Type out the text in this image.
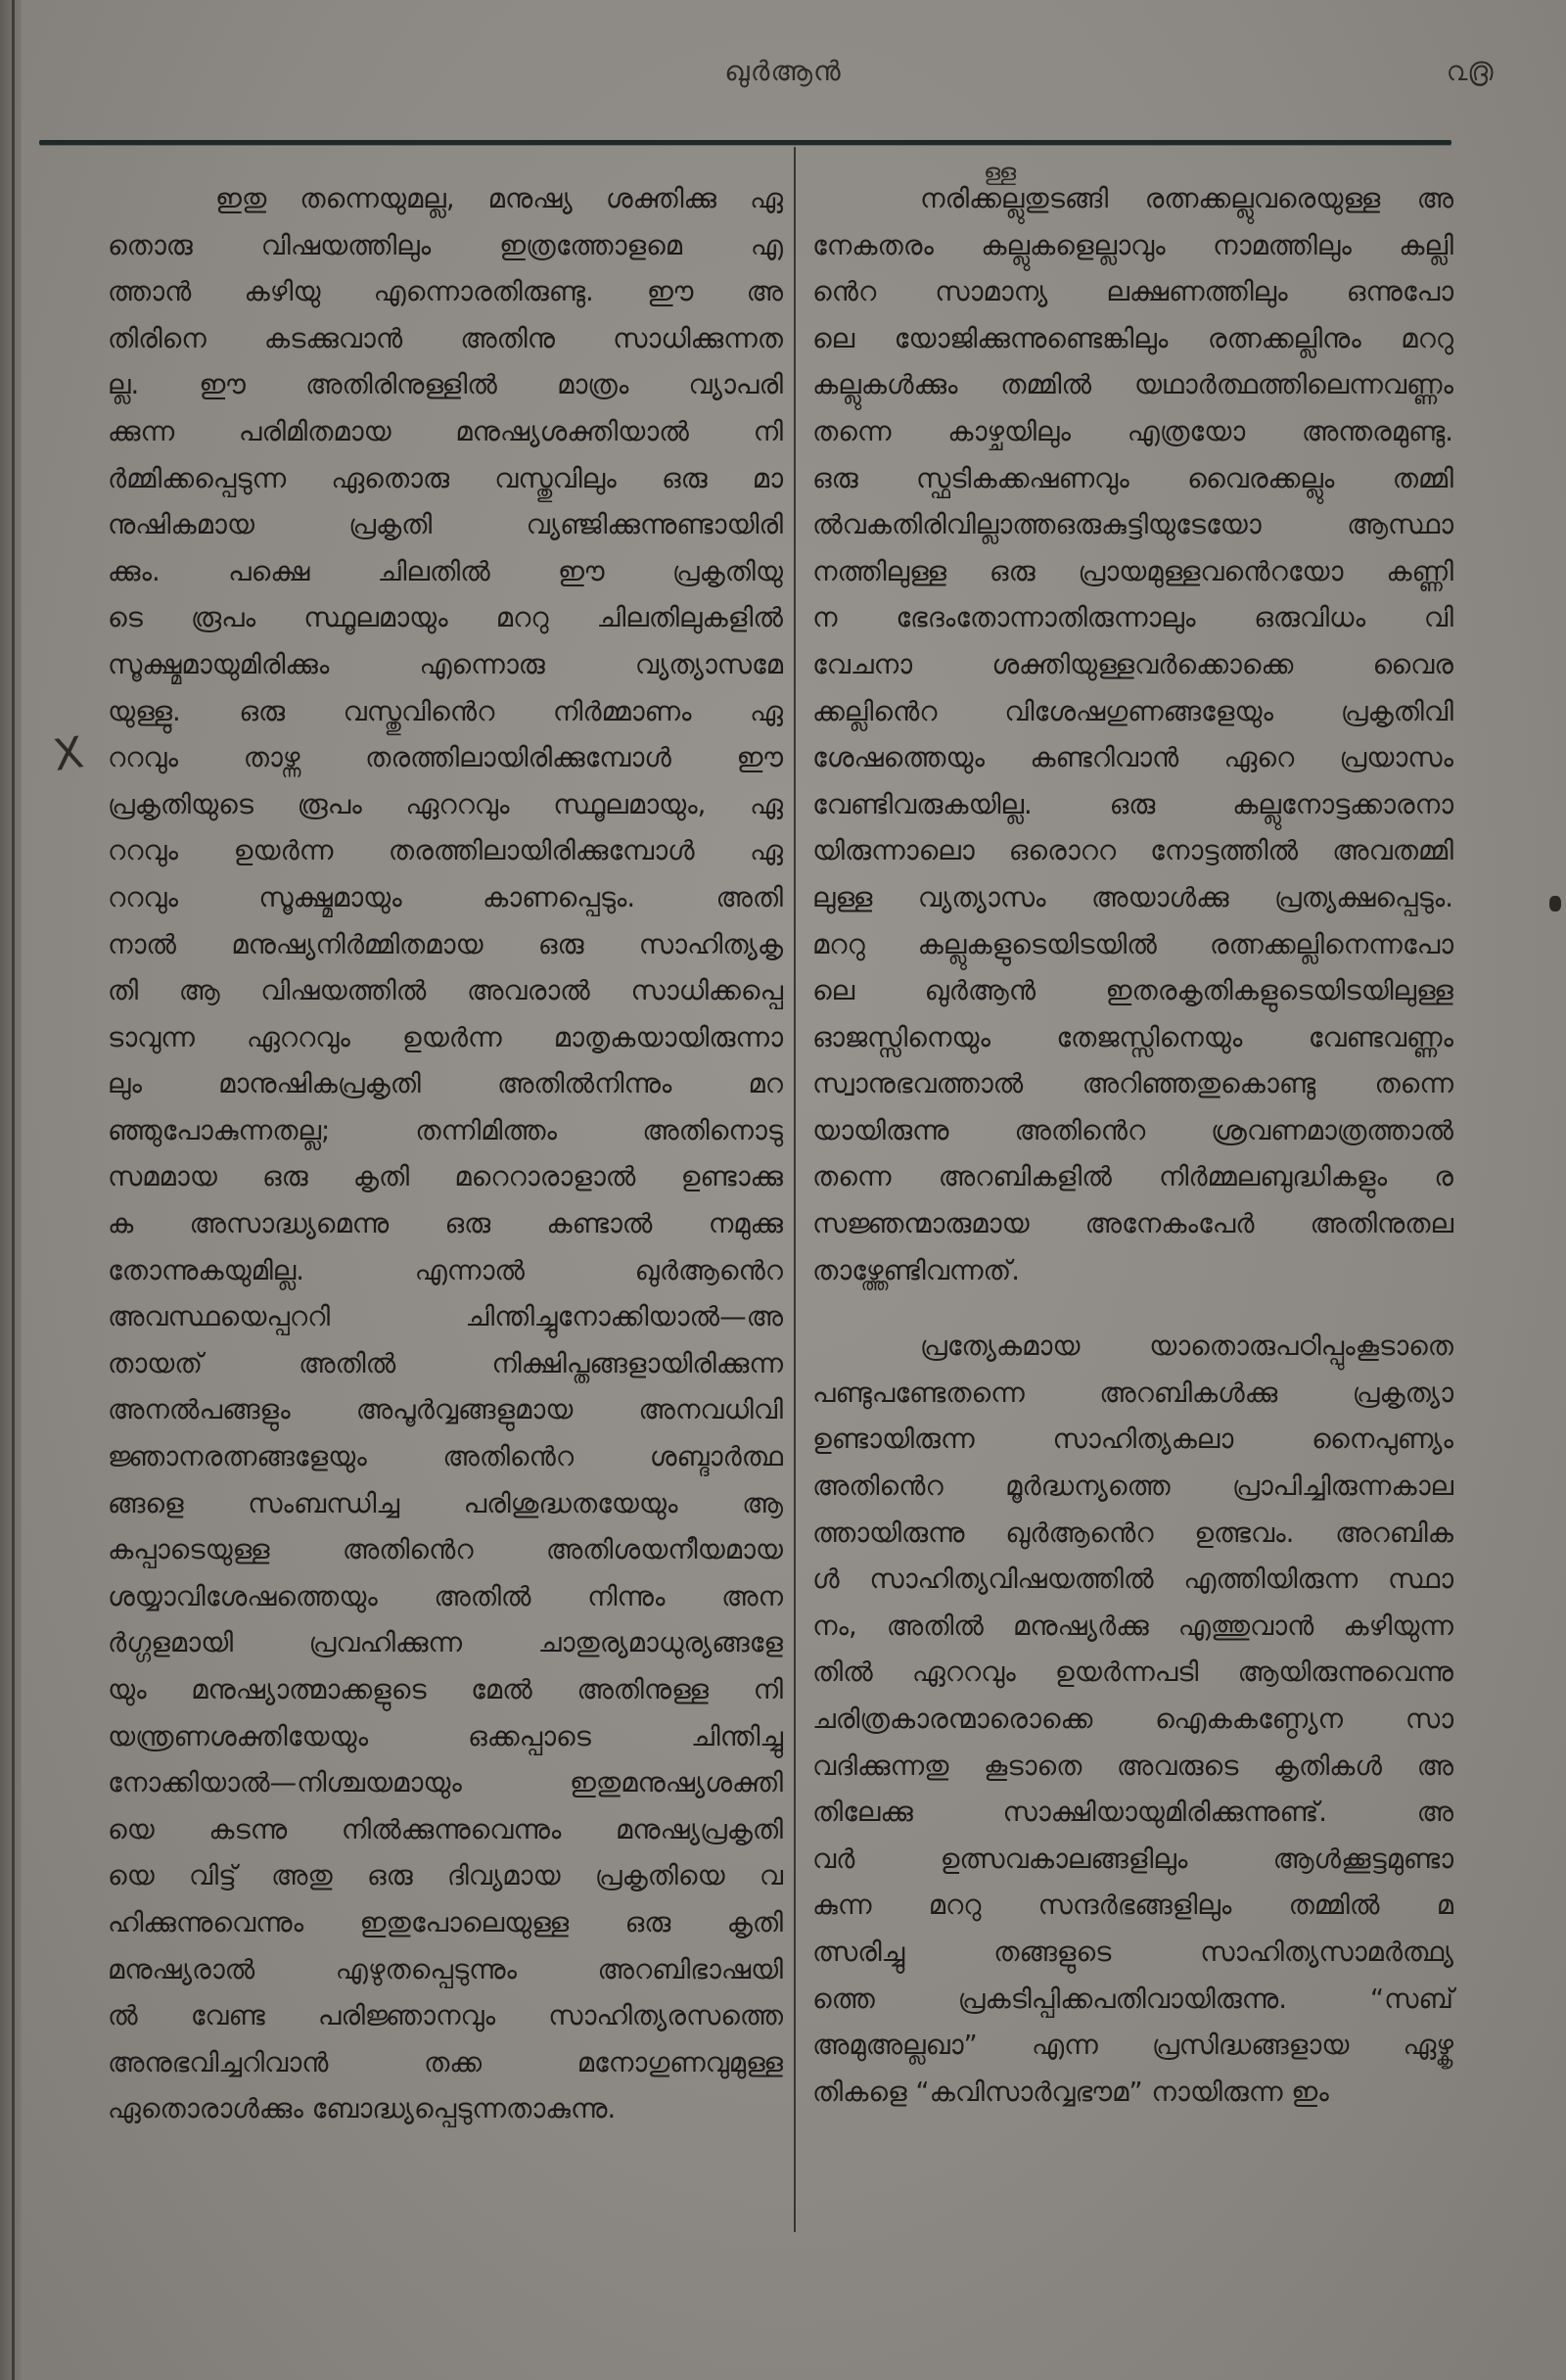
ഖുർആൻ	൨൫
X
ള്ള
ഇതു തന്നെയുമല്ല, മനുഷ്യ ശക്തിക്കു ഏ
തൊരു വിഷയത്തിലും ഇത്രത്തോളമെ എ
ത്താൻ കഴിയു എന്നൊരതിരുണ്ടു. ഈ അ
തിരിനെ കടക്കുവാൻ അതിനു സാധിക്കുന്നത
ല്ല. ഈ അതിരിനുള്ളിൽ മാത്രം വ്യാപരി
ക്കുന്ന പരിമിതമായ മനുഷ്യശക്തിയാൽ നി
ർമ്മിക്കപ്പെടുന്ന ഏതൊരു വസ്തുവിലും ഒരു മാ
നുഷികമായ പ്രകൃതി വ്യഞ്ജിക്കുന്നുണ്ടായിരി
ക്കും. പക്ഷെ ചിലതിൽ ഈ പ്രകൃതിയു
ടെ രൂപം സ്ഥൂലമായും മററു ചിലതിലുകളിൽ
സൂക്ഷ്മമായുമിരിക്കും എന്നൊരു വ്യത്യാസമേ
യുള്ളു. ഒരു വസ്തുവിൻെറ നിർമ്മാണം ഏ
ററവും താഴ്ന്ന തരത്തിലായിരിക്കുമ്പോൾ ഈ
പ്രകൃതിയുടെ രൂപം ഏററവും സ്ഥൂലമായും, ഏ
ററവും ഉയർന്ന തരത്തിലായിരിക്കുമ്പോൾ ഏ
ററവും സൂക്ഷ്മമായും കാണപ്പെടും. അതി
നാൽ മനുഷ്യനിർമ്മിതമായ ഒരു സാഹിത്യകൃ
തി ആ വിഷയത്തിൽ അവരാൽ സാധിക്കപ്പെ
ടാവുന്ന ഏററവും ഉയർന്ന മാതൃകയായിരുന്നാ
ലും മാനുഷികപ്രകൃതി അതിൽനിന്നും മറ
ഞ്ഞുപോകുന്നതല്ല; തന്നിമിത്തം അതിനൊടു
സമമായ ഒരു കൃതി മറെറാരാളാൽ ഉണ്ടാക്കു
ക അസാദ്ധ്യമെന്നു ഒരു കണ്ടാൽ നമുക്കു
തോന്നുകയുമില്ല. എന്നാൽ ഖുർആൻെറ
അവസ്ഥയെപ്പററി ചിന്തിച്ചുനോക്കിയാൽ—അ
തായത് അതിൽ നിക്ഷിപ്തങ്ങളായിരിക്കുന്ന
അനൽപങ്ങളും അപൂർവ്വങ്ങളുമായ അനവധിവി
ജ്ഞാനരത്നങ്ങളേയും അതിൻെറ ശബ്ദാർത്ഥ
ങ്ങളെ സംബന്ധിച്ച പരിശുദ്ധതയേയും ആ
കപ്പാടെയുള്ള അതിൻെറ അതിശയനീയമായ
ശയ്യാവിശേഷത്തെയും അതിൽ നിന്നും അന
ർഗ്ഗളമായി പ്രവഹിക്കുന്ന ചാതുര്യമാധുര്യങ്ങളേ
യും മനുഷ്യാത്മാക്കളുടെ മേൽ അതിനുള്ള നി
യന്ത്രണശക്തിയേയും ഒക്കപ്പാടെ ചിന്തിച്ചു
നോക്കിയാൽ—നിശ്ചയമായും ഇതുമനുഷ്യശക്തി
യെ കടന്നു നിൽക്കുന്നുവെന്നും മനുഷ്യപ്രകൃതി
യെ വിട്ട് അതു ഒരു ദിവ്യമായ പ്രകൃതിയെ വ
ഹിക്കുന്നുവെന്നും ഇതുപോലെയുള്ള ഒരു കൃതി
മനുഷ്യരാൽ എഴുതപ്പെടുന്നും അറബിഭാഷയി
ൽ വേണ്ട പരിജ്ഞാനവും സാഹിത്യരസത്തെ
അനുഭവിച്ചറിവാൻ തക്ക മനോഗുണവുമുള്ള
ഏതൊരാൾക്കും ബോദ്ധ്യപ്പെടുന്നതാകുന്നു.
നരിക്കല്ലുതുടങ്ങി രത്നക്കല്ലുവരെയുള്ള അ
നേകതരം കല്ലുകളെല്ലാവും നാമത്തിലും കല്ലി
ൻെറ സാമാന്യ ലക്ഷണത്തിലും ഒന്നുപോ
ലെ യോജിക്കുന്നുണ്ടെങ്കിലും രത്നക്കല്ലിനും മററു
കല്ലുകൾക്കും തമ്മിൽ യഥാർത്ഥത്തിലെന്നവണ്ണം
തന്നെ കാഴ്ചയിലും എത്രയോ അന്തരമുണ്ടു.
ഒരു സ്ഫടികക്കഷണവും വൈരക്കല്ലും തമ്മി
ൽവകതിരിവില്ലാത്തഒരുകുട്ടിയുടേയോ ആസ്ഥാ
നത്തിലുള്ള ഒരു പ്രായമുള്ളവൻെറയോ കണ്ണി
ന ഭേദംതോന്നാതിരുന്നാലും ഒരുവിധം വി
വേചനാ ശക്തിയുള്ളവർക്കൊക്കെ വൈര
ക്കല്ലിൻെറ വിശേഷഗുണങ്ങളേയും പ്രകൃതിവി
ശേഷത്തെയും കണ്ടറിവാൻ ഏറെ പ്രയാസം
വേണ്ടിവരുകയില്ല. ഒരു കല്ലുനോട്ടക്കാരനാ
യിരുന്നാലൊ ഒരൊററ നോട്ടത്തിൽ അവതമ്മി
ലുള്ള വ്യത്യാസം അയാൾക്കു പ്രത്യക്ഷപ്പെടും.
മററു കല്ലുകളുടെയിടയിൽ രത്നക്കല്ലിനെന്നപോ
ലെ ഖുർആൻ ഇതരകൃതികളുടെയിടയിലുള്ള
ഓജസ്സിനെയും തേജസ്സിനെയും വേണ്ടവണ്ണം
സ്വാനുഭവത്താൽ അറിഞ്ഞതുകൊണ്ടു തന്നെ
യായിരുന്നു അതിൻെറ ശ്രവണമാത്രത്താൽ
തന്നെ അറബികളിൽ നിർമ്മലബുദ്ധികളും ര
സജ്ഞന്മാരുമായ അനേകംപേർ അതിനുതല
താഴ്ത്തേണ്ടിവന്നത്.
പ്രത്യേകമായ യാതൊരുപഠിപ്പുംകൂടാതെ
പണ്ടുപണ്ടേതന്നെ അറബികൾക്കു പ്രകൃത്യാ
ഉണ്ടായിരുന്ന സാഹിത്യകലാ നൈപുണ്യം
അതിൻെറ മൂർദ്ധന്യത്തെ പ്രാപിച്ചിരുന്നകാല
ത്തായിരുന്നു ഖുർആൻെറ ഉത്ഭവം. അറബിക
ൾ സാഹിത്യവിഷയത്തിൽ എത്തിയിരുന്ന സ്ഥാ
നം, അതിൽ മനുഷ്യർക്കു എത്തുവാൻ കഴിയുന്ന
തിൽ ഏററവും ഉയർന്നപടി ആയിരുന്നുവെന്നു
ചരിത്രകാരന്മാരൊക്കെ ഐകകണ്ഠ്യേന സാ
വദിക്കുന്നതു കൂടാതെ അവരുടെ കൃതികൾ അ
തിലേക്കു സാക്ഷിയായുമിരിക്കുന്നുണ്ട്. അ
വർ ഉത്സവകാലങ്ങളിലും ആൾക്കൂട്ടമുണ്ടാ
കുന്ന മററു സന്ദർഭങ്ങളിലും തമ്മിൽ മ
ത്സരിച്ചു തങ്ങളുടെ സാഹിത്യസാമർത്ഥ്യ
ത്തെ പ്രകടിപ്പിക്കപതിവായിരുന്നു. “സബ്
അമുഅല്ലഖാ” എന്ന പ്രസിദ്ധങ്ങളായ ഏഴ്കൃ
തികളെ “കവിസാർവ്വഭൗമ” നായിരുന്ന ഇം
